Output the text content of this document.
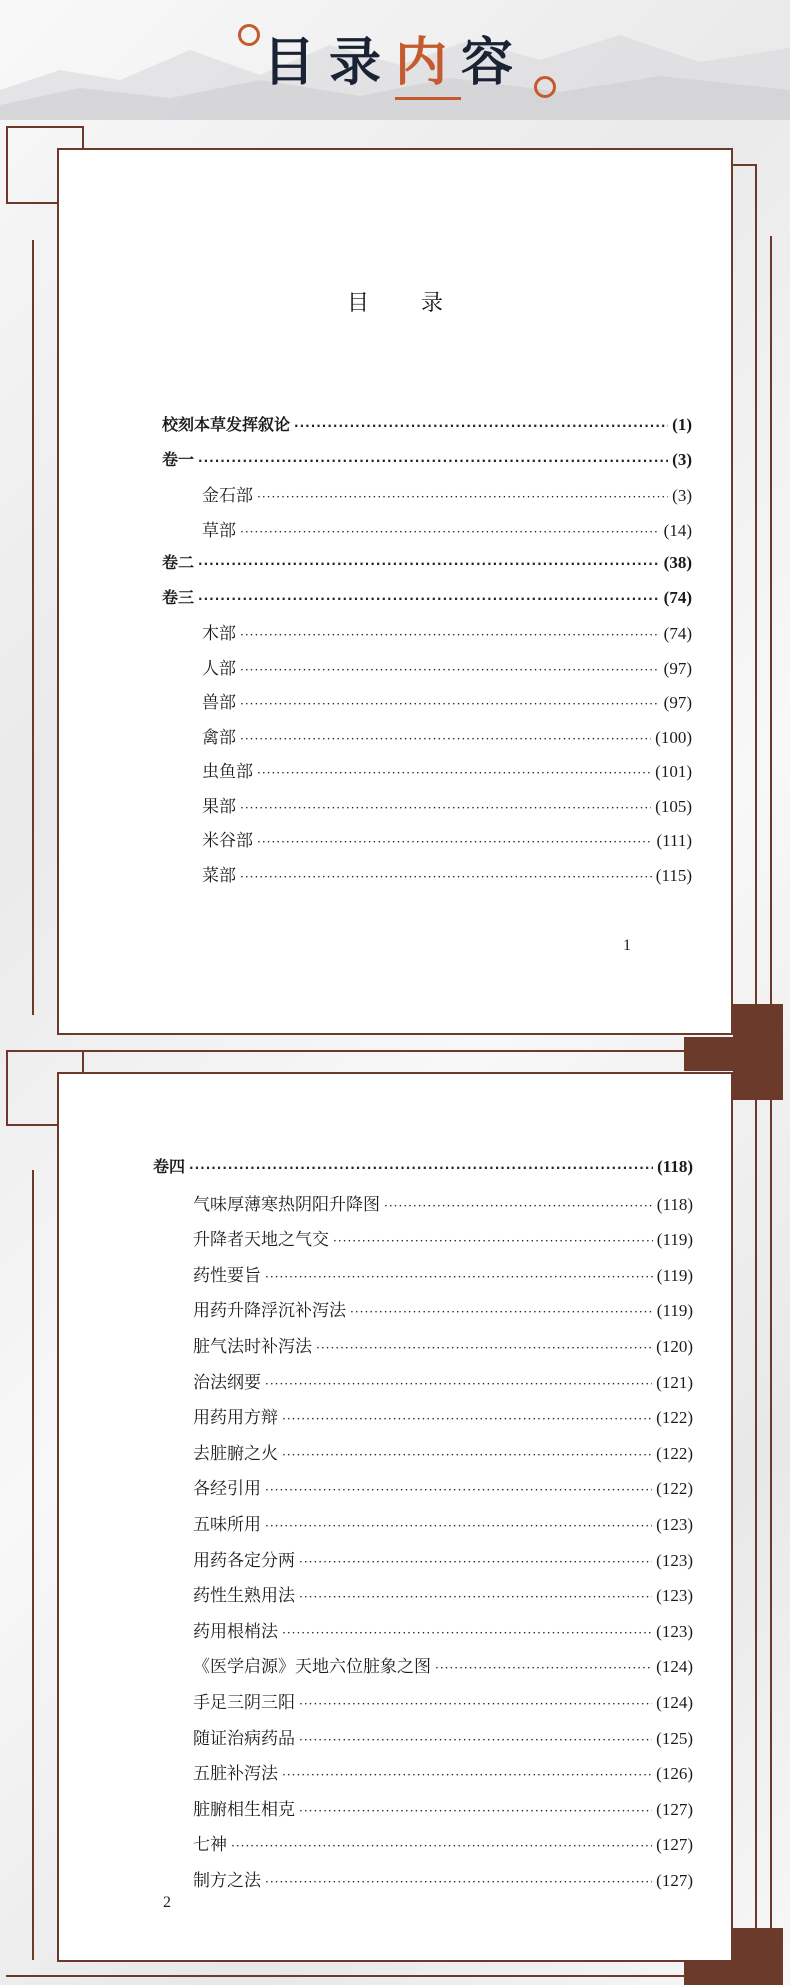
目录内容
目 录
校刻本草发挥叙论 ·····	(1)
卷一 ·····	(3)
金石部 ·····	(3)
草部 ·····	(14)
卷二 ·····	(38)
卷三 ·····	(74)
木部 ·····	(74)
人部 ·····	(97)
兽部 ·····	(97)
禽部 ·····	(100)
虫鱼部 ·····	(101)
果部 ·····	(105)
米谷部 ·····	(111)
菜部 ·····	(115)
1
卷四 ·····	(118)
气味厚薄寒热阴阳升降图 ·····	(118)
升降者天地之气交 ·····	(119)
药性要旨 ·····	(119)
用药升降浮沉补泻法 ·····	(119)
脏气法时补泻法 ·····	(120)
治法纲要 ·····	(121)
用药用方辩 ·····	(122)
去脏腑之火 ·····	(122)
各经引用 ·····	(122)
五味所用 ·····	(123)
用药各定分两 ·····	(123)
药性生熟用法 ·····	(123)
药用根梢法 ·····	(123)
《医学启源》天地六位脏象之图 ·····	(124)
手足三阴三阳 ·····	(124)
随证治病药品 ·····	(125)
五脏补泻法 ·····	(126)
脏腑相生相克 ·····	(127)
七神 ·····	(127)
制方之法 ·····	(127)
2
